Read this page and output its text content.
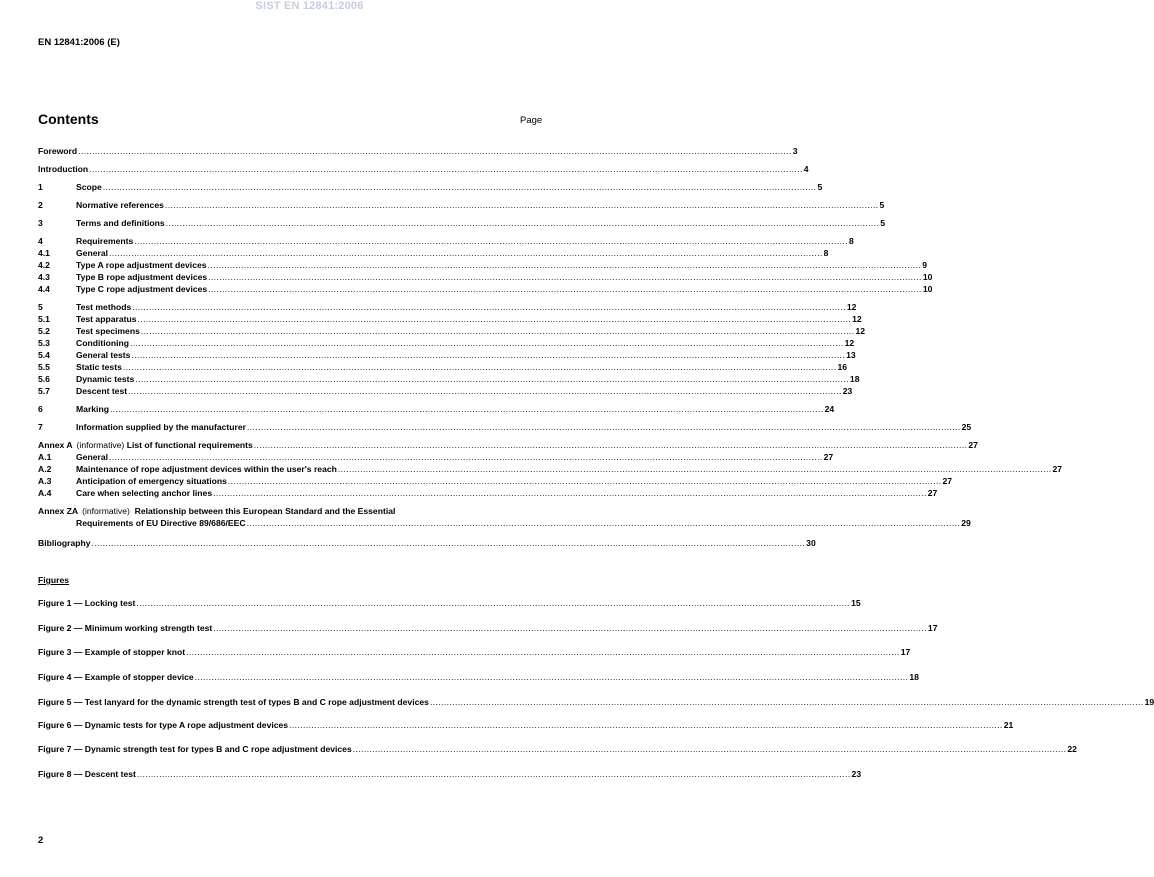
SIST EN 12841:2006
EN 12841:2006 (E)
Contents	Page
Foreword .....	3
Introduction .....	4
1	Scope .....	5
2	Normative references .....	5
3	Terms and definitions .....	5
4	Requirements .....	8
4.1	General .....	8
4.2	Type A rope adjustment devices .....	9
4.3	Type B rope adjustment devices .....	10
4.4	Type C rope adjustment devices .....	10
5	Test methods .....	12
5.1	Test apparatus .....	12
5.2	Test specimens .....	12
5.3	Conditioning .....	12
5.4	General tests .....	13
5.5	Static tests .....	16
5.6	Dynamic tests .....	18
5.7	Descent test .....	23
6	Marking .....	24
7	Information supplied by the manufacturer .....	25
Annex A (informative) List of functional requirements .....	27
A.1	General .....	27
A.2	Maintenance of rope adjustment devices within the user's reach .....	27
A.3	Anticipation of emergency situations .....	27
A.4	Care when selecting anchor lines .....	27
Annex ZA (informative) Relationship between this European Standard and the Essential
Requirements of EU Directive 89/686/EEC .....	29
Bibliography .....	30
Figures
Figure 1 — Locking test .....	15
Figure 2 — Minimum working strength test .....	17
Figure 3 — Example of stopper knot .....	17
Figure 4 — Example of stopper device .....	18
Figure 5 — Test lanyard for the dynamic strength test of types B and C rope adjustment devices .....	19
Figure 6 — Dynamic tests for type A rope adjustment devices .....	21
Figure 7 — Dynamic strength test for types B and C rope adjustment devices .....	22
Figure 8 — Descent test .....	23
2
